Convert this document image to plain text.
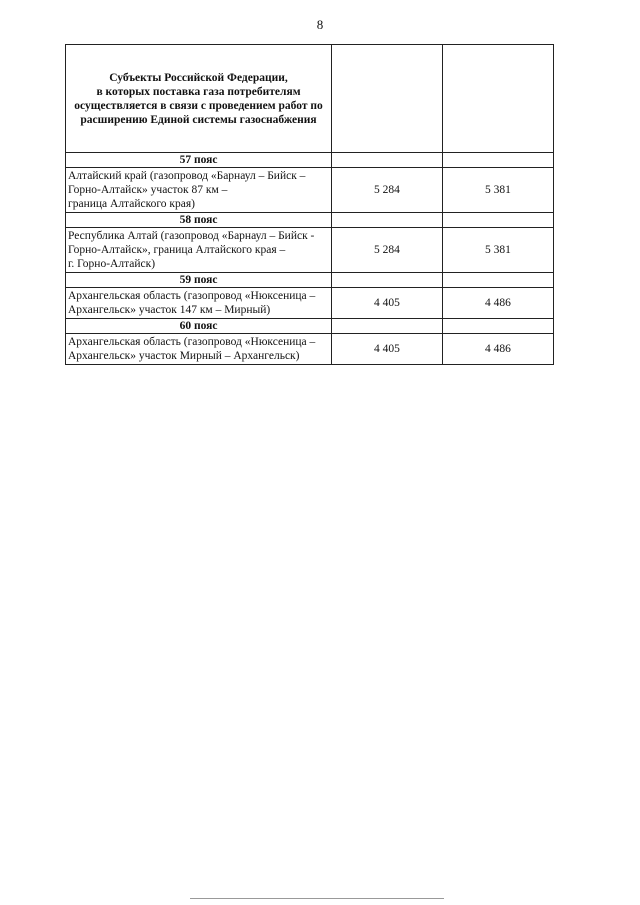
8
Субъекты Российской Федерации,
в которых поставка газа потребителям
осуществляется в связи с проведением работ по
расширению Единой системы газоснабжения		

57 пояс		

Алтайский край (газопровод «Барнаул – Бийск –
Горно-Алтайск» участок 87 км –
граница Алтайского края)	5 284	5 381
58 пояс		

Республика Алтай (газопровод «Барнаул – Бийск -
Горно-Алтайск», граница Алтайского края –
г. Горно-Алтайск)	5 284	5 381
59 пояс		

Архангельская область (газопровод «Нюксеница –
Архангельск» участок 147 км – Мирный)	4 405	4 486
60 пояс		

Архангельская область (газопровод «Нюксеница –
Архангельск» участок Мирный – Архангельск)	4 405	4 486
